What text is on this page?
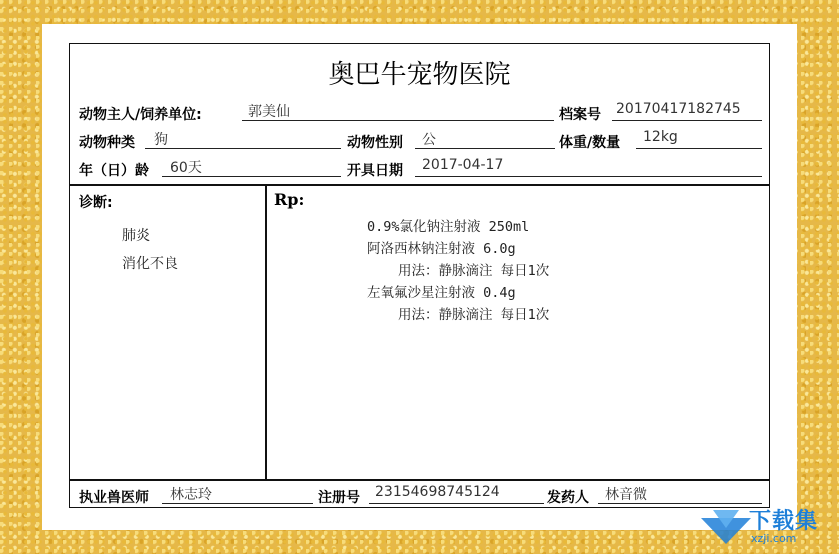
奥巴牛宠物医院
动物主人/饲养单位:	郭美仙	档案号 20170417182745
动物种类 狗	动物性别 公	体重/数量 12kg
年（日）龄 60天	开具日期 2017-04-17
诊断:
肺炎
消化不良
Rp:
0.9%氯化钠注射液 250ml
阿洛西林钠注射液 6.0g
用法：静脉滴注 每日1次
左氧氟沙星注射液 0.4g
用法：静脉滴注 每日1次
执业兽医师 林志玲	注册号 23154698745124	发药人 林音微
下载集
xzji.com
